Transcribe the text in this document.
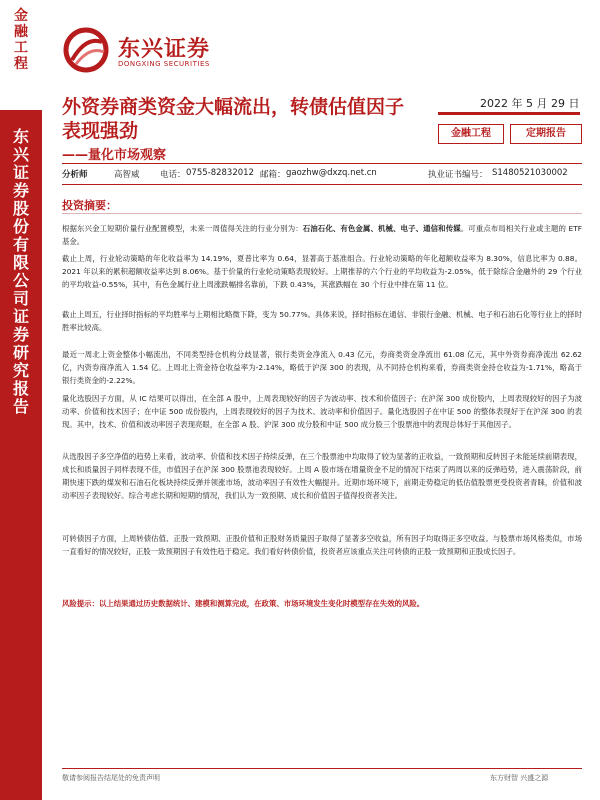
金融工程
东兴证券股份有限公司证券研究报告
东兴证券
DONGXING SECURITIES
外资券商类资金大幅流出，转债估值因子
表现强劲
——量化市场观察
2022 年 5 月 29 日
金融工程	定期报告
分析师	高智威 电话： 0755-82832012 邮箱： gaozhw@dxzq.net.cn	执业证书编号： S1480521030002
投资摘要：
根据东兴金工短期价量行业配置模型，未来一周值得关注的行业分别为：石油石化、有色金属、机械、电子、通信和传媒。可重点布局相关行业或主题的 ETF 基金。
截止上周，行业轮动策略的年化收益率为 14.19%，夏普比率为 0.64，显著高于基准组合。行业轮动策略的年化超额收益率为 8.30%，信息比率为 0.88。2021 年以来的累积超额收益率达到 8.06%。基于价量的行业轮动策略表现较好。上期推荐的六个行业的平均收益为-2.05%，低于除综合金融外的 29 个行业的平均收益-0.55%，其中，有色金属行业上周涨跌幅排名靠前，下跌 0.43%，其涨跌幅在 30 个行业中排在第 11 位。
截止上周五，行业择时指标的平均胜率与上期相比略微下降，变为 50.77%。具体来说，择时指标在通信、非银行金融、机械、电子和石油石化等行业上的择时胜率比较高。
最近一周北上资金整体小幅流出，不同类型持仓机构分歧显著，银行类资金净流入 0.43 亿元，券商类资金净流出 61.08 亿元，其中外资券商净流出 62.62 亿，内资券商净流入 1.54 亿。上周北上资金持仓收益率为-2.14%，略低于沪深 300 的表现，从不同持仓机构来看，券商类资金持仓收益为-1.71%，略高于银行类资金的-2.22%。
量化选股因子方面，从 IC 结果可以得出，在全部 A 股中，上周表现较好的因子为波动率、技术和价值因子；在沪深 300 成份股内，上周表现较好的因子为波动率、价值和技术因子；在中证 500 成份股内，上周表现较好的因子为技术、波动率和价值因子。量化选股因子在中证 500 的整体表现好于在沪深 300 的表现。其中，技术、价值和波动率因子表现亮眼，在全部 A 股、沪深 300 成分股和中证 500 成分股三个股票池中的表现总体好于其他因子。
从选股因子多空净值的趋势上来看，波动率、价值和技术因子持续反弹，在三个股票池中均取得了较为显著的正收益，一致预期和反转因子未能延续前期表现，成长和质量因子同样表现不佳，市值因子在沪深 300 股票池表现较好。上周 A 股市场在增量资金不足的情况下结束了两周以来的反弹趋势，进入震荡阶段，前期快速下跌的煤炭和石油石化板块持续反弹并领涨市场，波动率因子有效性大幅提升。近期市场环境下，前期走势稳定的低估值股票更受投资者青睐，价值和波动率因子表现较好。综合考虑长期和短期的情况，我们认为一致预期、成长和价值因子值得投资者关注。
可转债因子方面，上周转债估值、正股一致预期、正股价值和正股财务质量因子取得了显著多空收益，所有因子均取得正多空收益。与股票市场风格类似，市场一直看好的情况较好，正股一致预期因子有效性趋于稳定。我们看好转债价值，投资者应该重点关注可转债的正股一致预期和正股成长因子。
风险提示：以上结果通过历史数据统计、建模和测算完成，在政策、市场环境发生变化时模型存在失效的风险。
敬请参阅报告结尾处的免责声明	东方财智 兴盛之源
